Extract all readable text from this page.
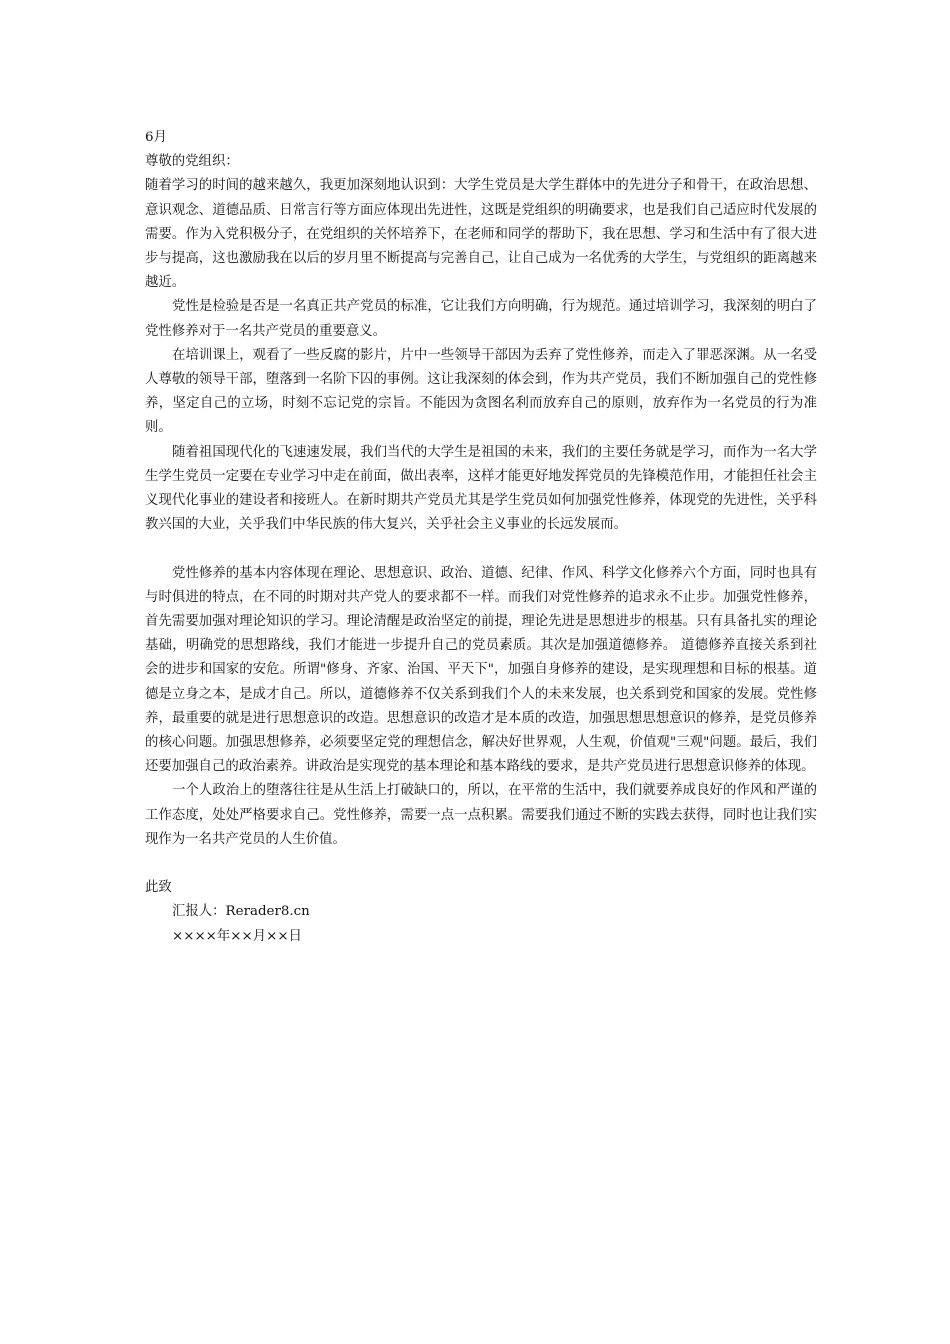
6月

尊敬的党组织：

随着学习的时间的越来越久，我更加深刻地认识到：大学生党员是大学生群体中的先进分子和骨干，在政治思想、意识观念、道德品质、日常言行等方面应体现出先进性，这既是党组织的明确要求，也是我们自己适应时代发展的需要。作为入党积极分子，在党组织的关怀培养下，在老师和同学的帮助下，我在思想、学习和生活中有了很大进步与提高，这也激励我在以后的岁月里不断提高与完善自己，让自己成为一名优秀的大学生，与党组织的距离越来越近。

党性是检验是否是一名真正共产党员的标准，它让我们方向明确，行为规范。通过培训学习，我深刻的明白了党性修养对于一名共产党员的重要意义。

在培训课上，观看了一些反腐的影片，片中一些领导干部因为丢弃了党性修养，而走入了罪恶深渊。从一名受人尊敬的领导干部，堕落到一名阶下囚的事例。这让我深刻的体会到，作为共产党员，我们不断加强自己的党性修养，坚定自己的立场，时刻不忘记党的宗旨。不能因为贪图名利而放弃自己的原则，放弃作为一名党员的行为准则。

随着祖国现代化的飞速速发展，我们当代的大学生是祖国的未来，我们的主要任务就是学习，而作为一名大学生学生党员一定要在专业学习中走在前面，做出表率，这样才能更好地发挥党员的先锋模范作用，才能担任社会主义现代化事业的建设者和接班人。在新时期共产党员尤其是学生党员如何加强党性修养，体现党的先进性，关乎科教兴国的大业，关乎我们中华民族的伟大复兴，关乎社会主义事业的长远发展而。

党性修养的基本内容体现在理论、思想意识、政治、道德、纪律、作风、科学文化修养六个方面，同时也具有与时俱进的特点，在不同的时期对共产党人的要求都不一样。而我们对党性修养的追求永不止步。加强党性修养，首先需要加强对理论知识的学习。理论清醒是政治坚定的前提，理论先进是思想进步的根基。只有具备扎实的理论基础，明确党的思想路线，我们才能进一步提升自己的党员素质。其次是加强道德修养。 道德修养直接关系到社会的进步和国家的安危。所谓"修身、齐家、治国、平天下"，加强自身修养的建设，是实现理想和目标的根基。道德是立身之本，是成才自己。所以，道德修养不仅关系到我们个人的未来发展，也关系到党和国家的发展。党性修养，最重要的就是进行思想意识的改造。思想意识的改造才是本质的改造，加强思想思想意识的修养，是党员修养的核心问题。加强思想修养，必须要坚定党的理想信念，解决好世界观，人生观，价值观"三观"问题。最后，我们还要加强自己的政治素养。讲政治是实现党的基本理论和基本路线的要求，是共产党员进行思想意识修养的体现。

一个人政治上的堕落往往是从生活上打破缺口的，所以，在平常的生活中，我们就要养成良好的作风和严谨的工作态度，处处严格要求自己。党性修养，需要一点一点积累。需要我们通过不断的实践去获得，同时也让我们实现作为一名共产党员的人生价值。

此致

汇报人：Rerader8.cn

××××年××月××日
